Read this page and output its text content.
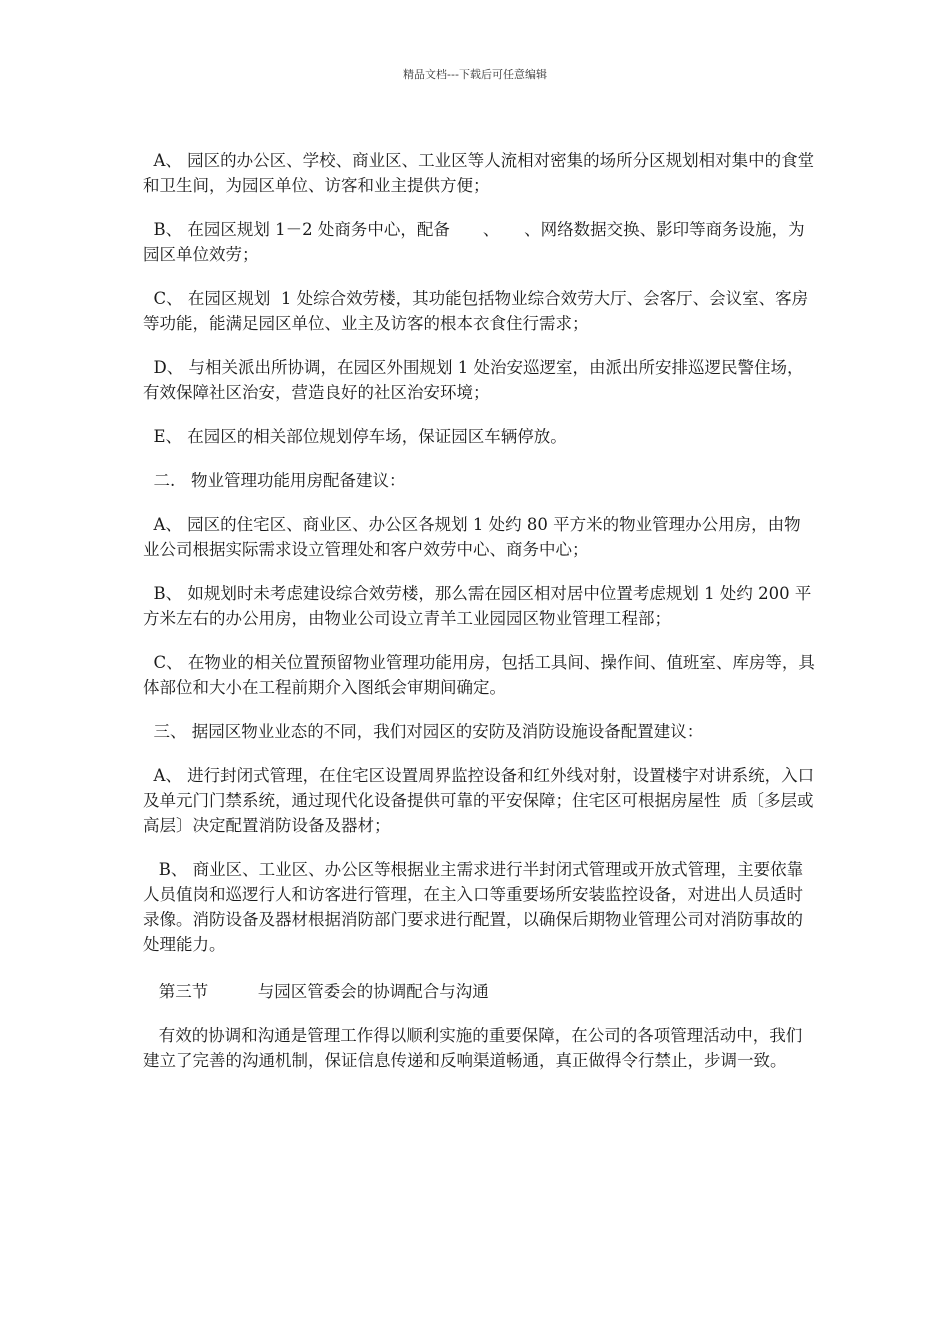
精品文档---下载后可任意编辑

A、 园区的办公区、学校、商业区、工业区等人流相对密集的场所分区规划相对集中的食堂和卫生间，为园区单位、访客和业主提供方便；

B、 在园区规划 1－2 处商务中心，配备　　、　　、网络数据交换、影印等商务设施，为园区单位效劳；

C、 在园区规划  1 处综合效劳楼，其功能包括物业综合效劳大厅、会客厅、会议室、客房等功能，能满足园区单位、业主及访客的根本衣食住行需求；

D、 与相关派出所协调，在园区外围规划 1 处治安巡逻室，由派出所安排巡逻民警住场，有效保障社区治安，营造良好的社区治安环境；

E、 在园区的相关部位规划停车场，保证园区车辆停放。

二.   物业管理功能用房配备建议：

A、 园区的住宅区、商业区、办公区各规划 1 处约 80 平方米的物业管理办公用房，由物业公司根据实际需求设立管理处和客户效劳中心、商务中心；

B、 如规划时未考虑建设综合效劳楼，那么需在园区相对居中位置考虑规划 1 处约 200 平方米左右的办公用房，由物业公司设立青羊工业园园区物业管理工程部；

C、 在物业的相关位置预留物业管理功能用房，包括工具间、操作间、值班室、库房等，具体部位和大小在工程前期介入图纸会审期间确定。

三、 据园区物业业态的不同，我们对园区的安防及消防设施设备配置建议：

A、 进行封闭式管理，在住宅区设置周界监控设备和红外线对射，设置楼宇对讲系统，入口及单元门门禁系统，通过现代化设备提供可靠的平安保障；住宅区可根据房屋性  质〔多层或高层〕决定配置消防设备及器材；

B、 商业区、工业区、办公区等根据业主需求进行半封闭式管理或开放式管理，主要依靠人员值岗和巡逻行人和访客进行管理，在主入口等重要场所安装监控设备，对进出人员适时录像。消防设备及器材根据消防部门要求进行配置，以确保后期物业管理公司对消防事故的处理能力。

第三节　　　与园区管委会的协调配合与沟通

有效的协调和沟通是管理工作得以顺利实施的重要保障，在公司的各项管理活动中，我们建立了完善的沟通机制，保证信息传递和反响渠道畅通，真正做得令行禁止，步调一致。
